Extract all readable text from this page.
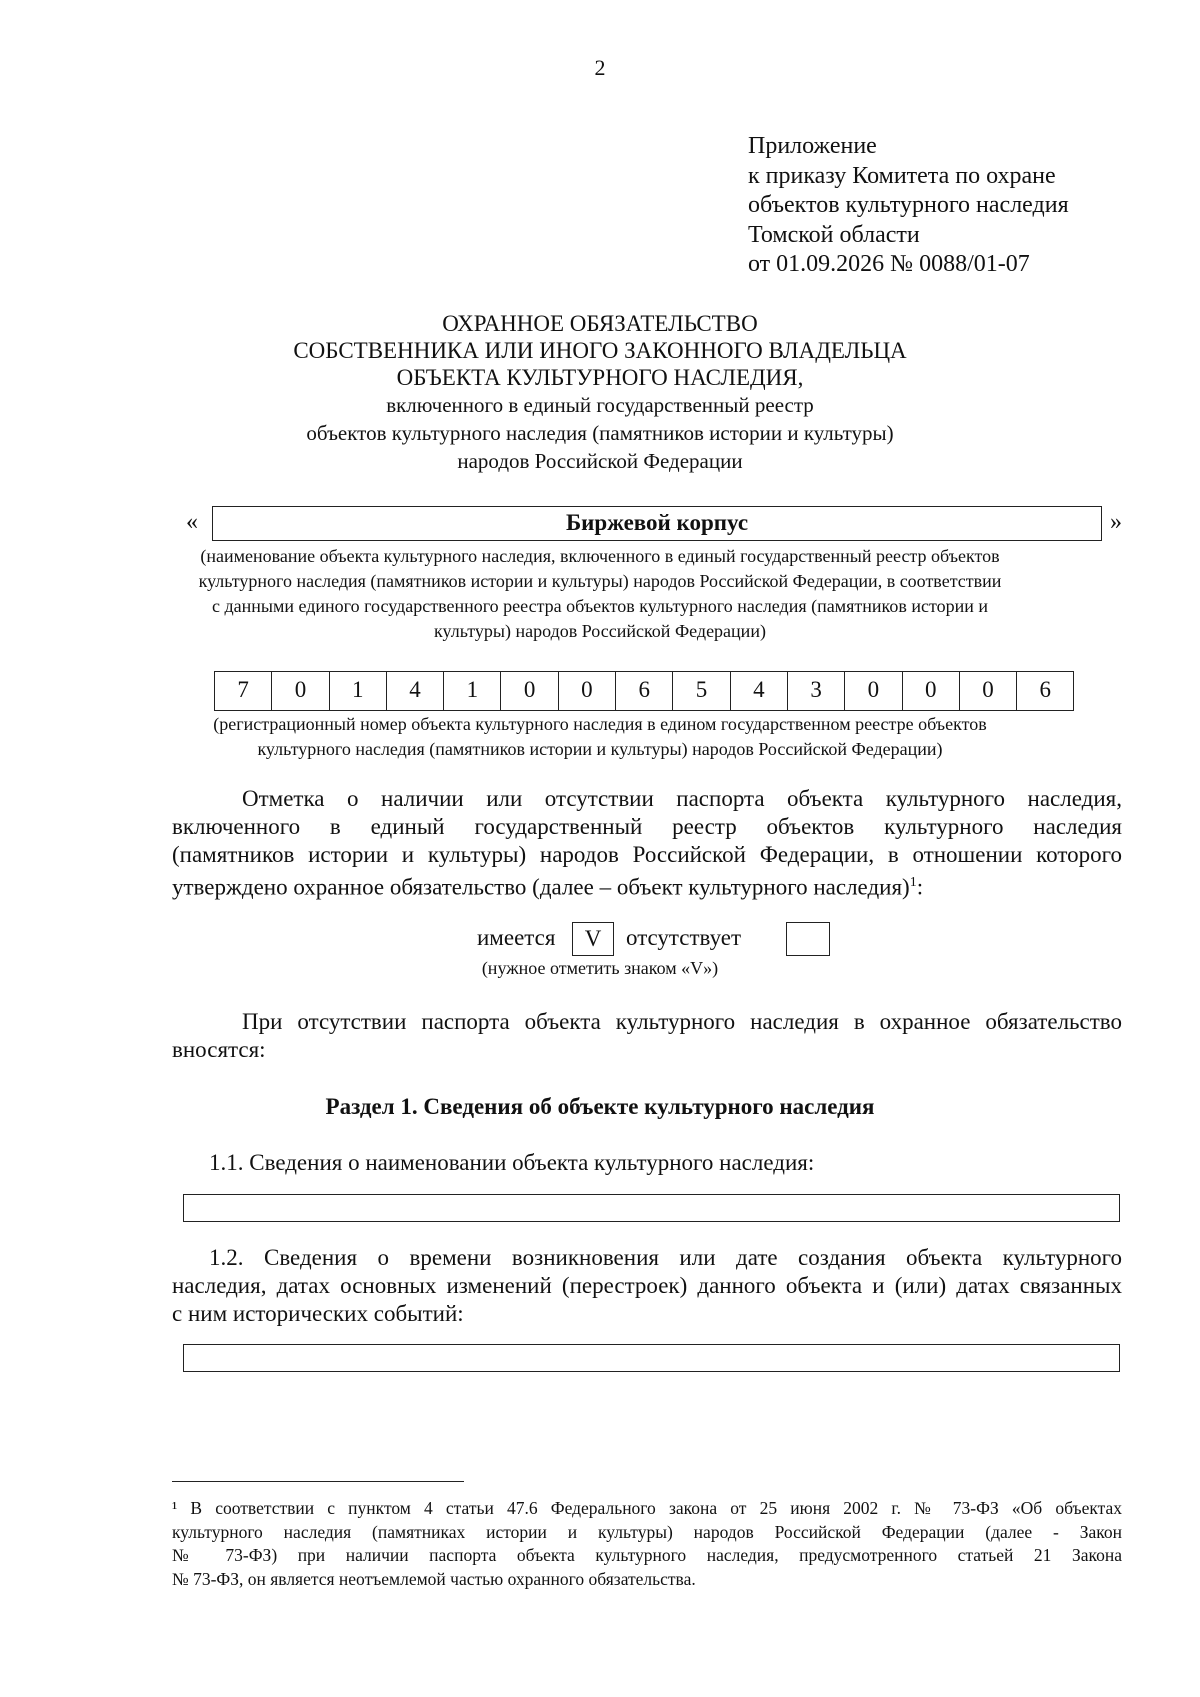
2
Приложение
к приказу Комитета по охране
объектов культурного наследия
Томской области
от 01.09.2026 № 0088/01-07
ОХРАННОЕ ОБЯЗАТЕЛЬСТВО
СОБСТВЕННИКА ИЛИ ИНОГО ЗАКОННОГО ВЛАДЕЛЬЦА
ОБЪЕКТА КУЛЬТУРНОГО НАСЛЕДИЯ,
включенного в единый государственный реестр
объектов культурного наследия (памятников истории и культуры)
народов Российской Федерации
«	Биржевой корпус	»
(наименование объекта культурного наследия, включенного в единый государственный реестр объектов
культурного наследия (памятников истории и культуры) народов Российской Федерации, в соответствии
с данными единого государственного реестра объектов культурного наследия (памятников истории и
культуры) народов Российской Федерации)
7	0	1	4	1	0	0	6	5	4	3	0	0	0	6
(регистрационный номер объекта культурного наследия в едином государственном реестре объектов
культурного наследия (памятников истории и культуры) народов Российской Федерации)
Отметка о наличии или отсутствии паспорта объекта культурного наследия,
включенного в единый государственный реестр объектов культурного наследия
(памятников истории и культуры) народов Российской Федерации, в отношении которого
утверждено охранное обязательство (далее – объект культурного наследия)$^1$:
имеется	V	отсутствует
(нужное отметить знаком «V»)
При отсутствии паспорта объекта культурного наследия в охранное обязательство
вносятся:
Раздел 1. Сведения об объекте культурного наследия
1.1. Сведения о наименовании объекта культурного наследия:
1.2. Сведения о времени возникновения или дате создания объекта культурного
наследия, датах основных изменений (перестроек) данного объекта и (или) датах связанных
с ним исторических событий:
¹ В соответствии с пунктом 4 статьи 47.6 Федерального закона от 25 июня 2002 г. № 73-ФЗ «Об объектах
культурного наследия (памятниках истории и культуры) народов Российской Федерации (далее - Закон
№ 73-ФЗ) при наличии паспорта объекта культурного наследия, предусмотренного статьей 21 Закона
№ 73-ФЗ, он является неотъемлемой частью охранного обязательства.
